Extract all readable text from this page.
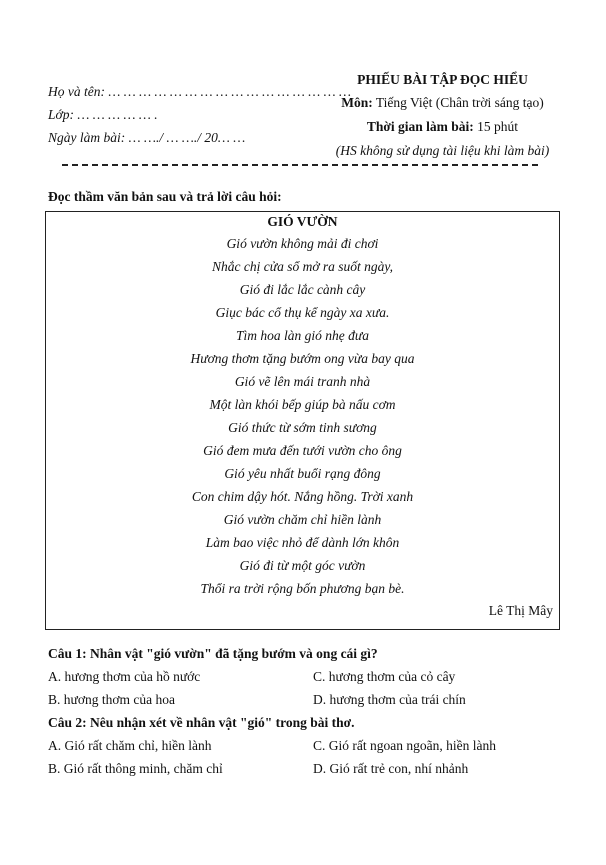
Họ và tên: … … … … … … … … … … … … … … … …
Lớp: … … … … … .
Ngày làm bài: … …./ … …./ 20… …
PHIẾU BÀI TẬP ĐỌC HIỂU
Môn: Tiếng Việt (Chân trời sáng tạo)
Thời gian làm bài: 15 phút
(HS không sử dụng tài liệu khi làm bài)
Đọc thầm văn bản sau và trả lời câu hỏi:
GIÓ VƯỜN
Gió vườn không mải đi chơi
Nhắc chị cửa sổ mở ra suốt ngày,
Gió đi lắc lắc cành cây
Giục bác cổ thụ kể ngày xa xưa.
Tìm hoa làn gió nhẹ đưa
Hương thơm tặng bướm ong vừa bay qua
Gió vẽ lên mái tranh nhà
Một làn khói bếp giúp bà nấu cơm
Gió thức từ sớm tinh sương
Gió đem mưa đến tưới vườn cho ông
Gió yêu nhất buổi rạng đông
Con chim dậy hót. Nắng hồng. Trời xanh
Gió vườn chăm chỉ hiền lành
Làm bao việc nhỏ để dành lớn khôn
Gió đi từ một góc vườn
Thổi ra trời rộng bốn phương bạn bè.
Lê Thị Mây
Câu 1: Nhân vật "gió vườn" đã tặng bướm và ong cái gì?
A. hương thơm của hồ nước	C. hương thơm của cỏ cây
B. hương thơm của hoa	D. hương thơm của trái chín
Câu 2: Nêu nhận xét về nhân vật "gió" trong bài thơ.
A. Gió rất chăm chỉ, hiền lành	C. Gió rất ngoan ngoãn, hiền lành
B. Gió rất thông minh, chăm chỉ	D. Gió rất trẻ con, nhí nhảnh
